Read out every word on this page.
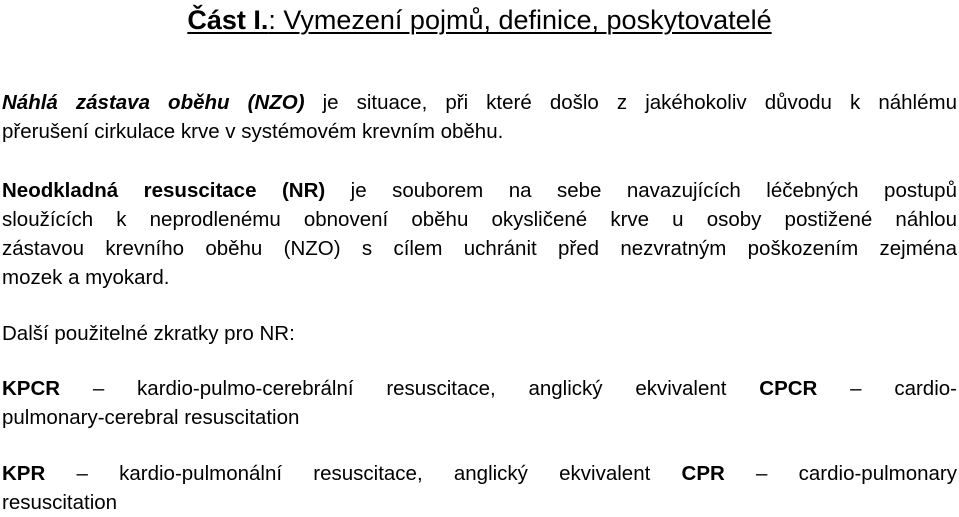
Část I.: Vymezení pojmů, definice, poskytovatelé

Náhlá zástava oběhu (NZO) je situace, při které došlo z jakéhokoliv důvodu k náhlému
přerušení cirkulace krve v systémovém krevním oběhu.

Neodkladná resuscitace (NR) je souborem na sebe navazujících léčebných postupů
sloužících k neprodlenému obnovení oběhu okysličené krve u osoby postižené náhlou
zástavou krevního oběhu (NZO) s cílem uchránit před nezvratným poškozením zejména
mozek a myokard.

Další použitelné zkratky pro NR:

KPCR – kardio-pulmo-cerebrální resuscitace, anglický ekvivalent CPCR – cardio-
pulmonary-cerebral resuscitation

KPR – kardio-pulmonální resuscitace, anglický ekvivalent CPR – cardio-pulmonary
resuscitation
